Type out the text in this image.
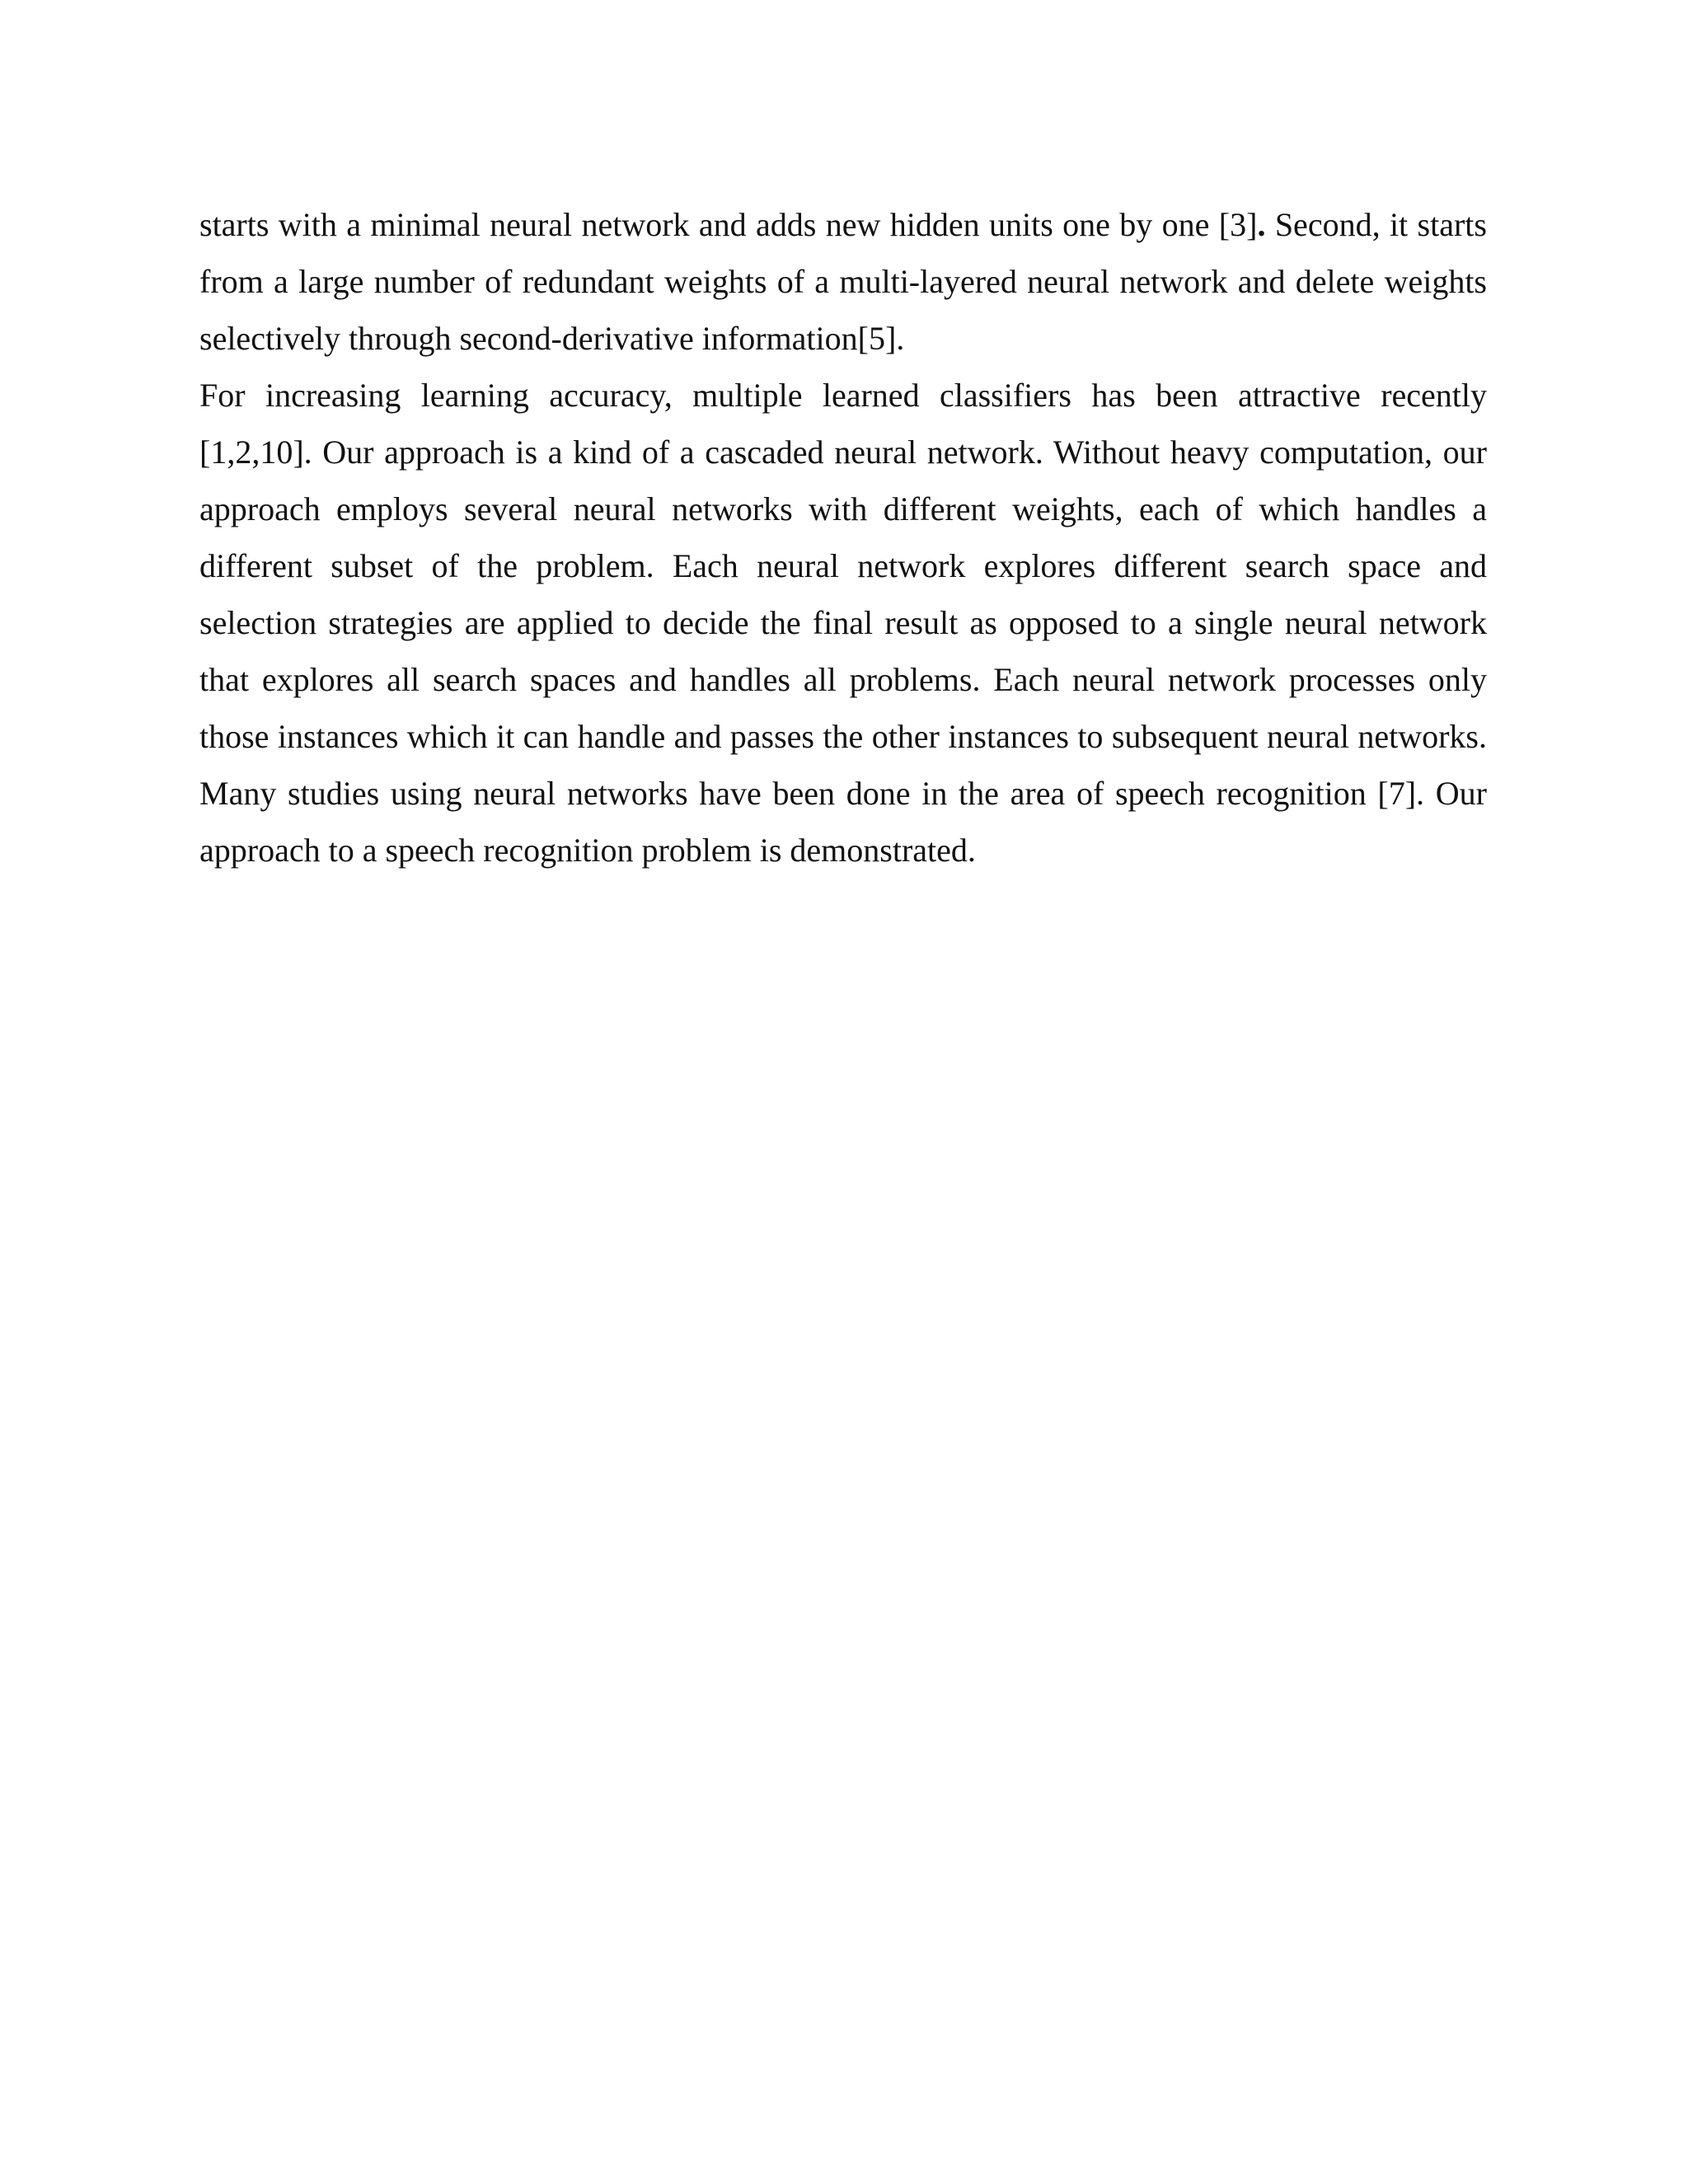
starts with a minimal neural network and adds new hidden units one by one [3]. Second, it starts from a large number of redundant weights of a multi-layered neural network and delete weights selectively through second-derivative information[5].

For increasing learning accuracy, multiple learned classifiers has been attractive recently [1,2,10]. Our approach is a kind of a cascaded neural network. Without heavy computation, our approach employs several neural networks with different weights, each of which handles a different subset of the problem. Each neural network explores different search space and selection strategies are applied to decide the final result as opposed to a single neural network that explores all search spaces and handles all problems. Each neural network processes only those instances which it can handle and passes the other instances to subsequent neural networks. Many studies using neural networks have been done in the area of speech recognition [7]. Our approach to a speech recognition problem is demonstrated.
